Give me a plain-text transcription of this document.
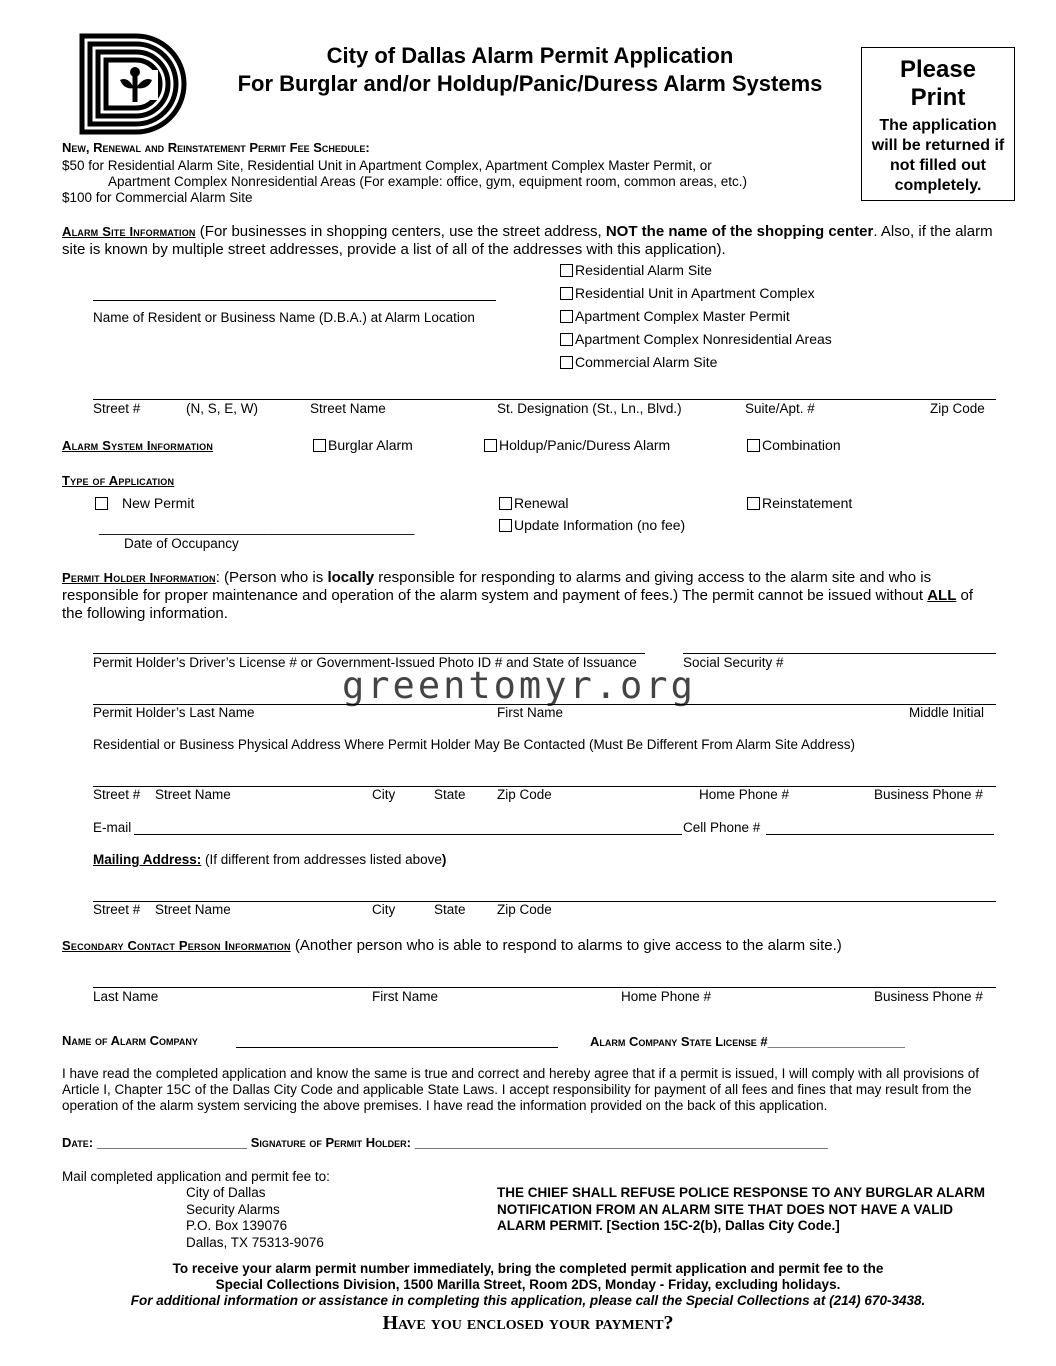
City of Dallas Alarm Permit Application
For Burglar and/or Holdup/Panic/Duress Alarm Systems
Please
Print
The application will be returned if not filled out completely.
New, Renewal and Reinstatement Permit Fee Schedule:
$50 for Residential Alarm Site, Residential Unit in Apartment Complex, Apartment Complex Master Permit, or
Apartment Complex Nonresidential Areas (For example: office, gym, equipment room, common areas, etc.)
$100 for Commercial Alarm Site
Alarm Site Information (For businesses in shopping centers, use the street address, NOT the name of the shopping center. Also, if the alarm site is known by multiple street addresses, provide a list of all of the addresses with this application).
Name of Resident or Business Name (D.B.A.) at Alarm Location
Residential Alarm Site
Residential Unit in Apartment Complex
Apartment Complex Master Permit
Apartment Complex Nonresidential Areas
Commercial Alarm Site
Street #	(N, S, E, W)	Street Name	St. Designation (St., Ln., Blvd.)	Suite/Apt. #	Zip Code
Alarm System Information	Burglar Alarm	Holdup/Panic/Duress Alarm	Combination
Type of Application
New Permit	Renewal	Reinstatement
Update Information (no fee)
__________________________________________
Date of Occupancy
Permit Holder Information: (Person who is locally responsible for responding to alarms and giving access to the alarm site and who is responsible for proper maintenance and operation of the alarm system and payment of fees.) The permit cannot be issued without ALL of the following information.
Permit Holder’s Driver’s License # or Government-Issued Photo ID # and State of Issuance	Social Security #
greentomyr.org
Permit Holder’s Last Name	First Name	Middle Initial
Residential or Business Physical Address Where Permit Holder May Be Contacted (Must Be Different From Alarm Site Address)
Street # Street Name	City	State Zip Code	Home Phone #	Business Phone #
E-mail	Cell Phone #
Mailing Address: (If different from addresses listed above)
Street # Street Name	City	State Zip Code
Secondary Contact Person Information (Another person who is able to respond to alarms to give access to the alarm site.)
Last Name	First Name	Home Phone #	Business Phone #
Name of Alarm Company	Alarm Company State License #___________________
I have read the completed application and know the same is true and correct and hereby agree that if a permit is issued, I will comply with all provisions of Article I, Chapter 15C of the Dallas City Code and applicable State Laws. I accept responsibility for payment of all fees and fines that may result from the operation of the alarm system servicing the above premises. I have read the information provided on the back of this application.
Date: ____________________ Signature of Permit Holder: _______________________________________________________
Mail completed application and permit fee to:
City of Dallas
Security Alarms
P.O. Box 139076
Dallas, TX 75313-9076
THE CHIEF SHALL REFUSE POLICE RESPONSE TO ANY BURGLAR ALARM NOTIFICATION FROM AN ALARM SITE THAT DOES NOT HAVE A VALID ALARM PERMIT. [Section 15C-2(b), Dallas City Code.]
To receive your alarm permit number immediately, bring the completed permit application and permit fee to the
Special Collections Division, 1500 Marilla Street, Room 2DS, Monday - Friday, excluding holidays.
For additional information or assistance in completing this application, please call the Special Collections at (214) 670-3438.
Have you enclosed your payment?
